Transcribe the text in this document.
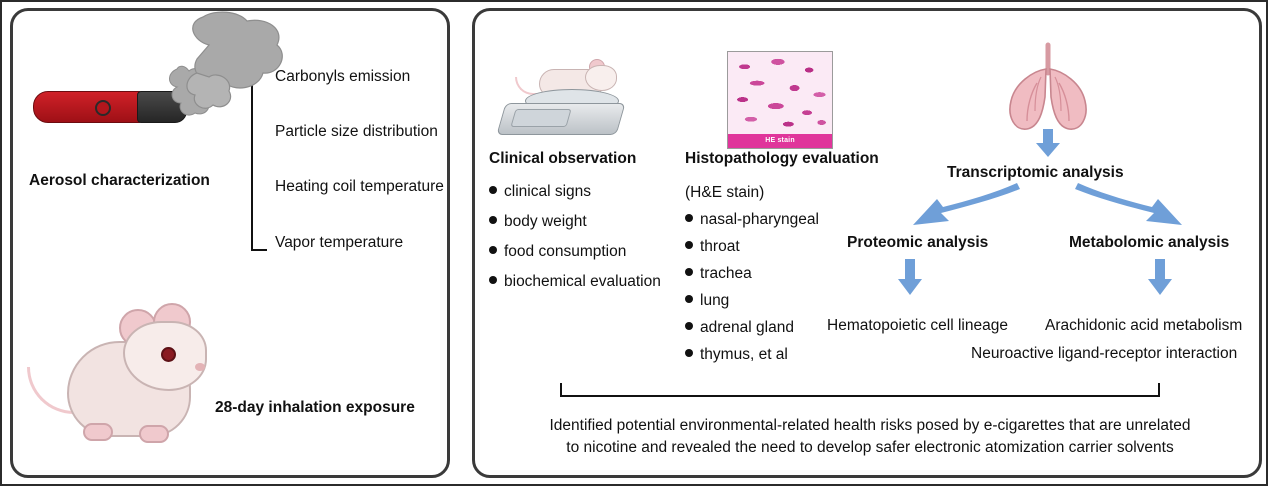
Aerosol characterization
Carbonyls emission
Particle size distribution
Heating coil temperature
Vapor temperature
28-day inhalation exposure
HE stain
Clinical observation	Histopathology evaluation
(H&E stain)
clinical signs
body weight
food consumption
biochemical evaluation
nasal-pharyngeal
throat
trachea
lung
adrenal gland
thymus, et al
Transcriptomic analysis
Proteomic analysis	Metabolomic analysis
Hematopoietic cell lineage Arachidonic acid metabolism
Neuroactive ligand-receptor interaction
Identified potential environmental-related health risks posed by e-cigarettes that are unrelated
to nicotine and revealed the need to develop safer electronic atomization carrier solvents
